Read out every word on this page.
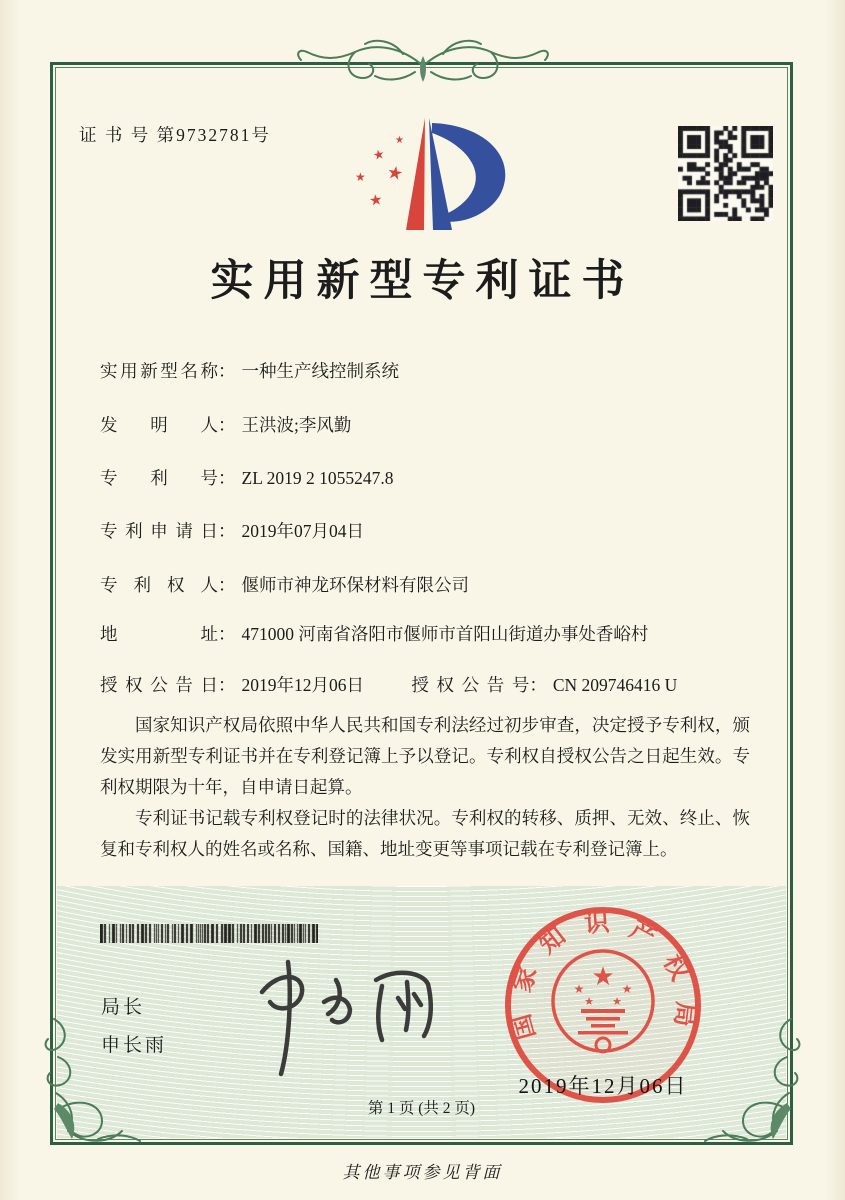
证 书 号 第9732781号	★
★
★
★
★
实用新型专利证书
实用新型名称： 一种生产线控制系统
发明人： 王洪波;李风勤
专利号： ZL 2019 2 1055247.8
专利申请日： 2019年07月04日
专利权人： 偃师市神龙环保材料有限公司
地址： 471000 河南省洛阳市偃师市首阳山街道办事处香峪村
授权公告日： 2019年12月06日	授权公告号： CN 209746416 U

国家知识产权局依照中华人民共和国专利法经过初步审查，决定授予专利权，颁发实用新型专利证书并在专利登记簿上予以登记。专利权自授权公告之日起生效。专利权期限为十年，自申请日起算。

专利证书记载专利权登记时的法律状况。专利权的转移、质押、无效、终止、恢复和专利权人的姓名或名称、国籍、地址变更等事项记载在专利登记簿上。

局长
申长雨
国家知识产权局
★
★	★
★ ★
2019年12月06日
第 1 页 (共 2 页)
其他事项参见背面
